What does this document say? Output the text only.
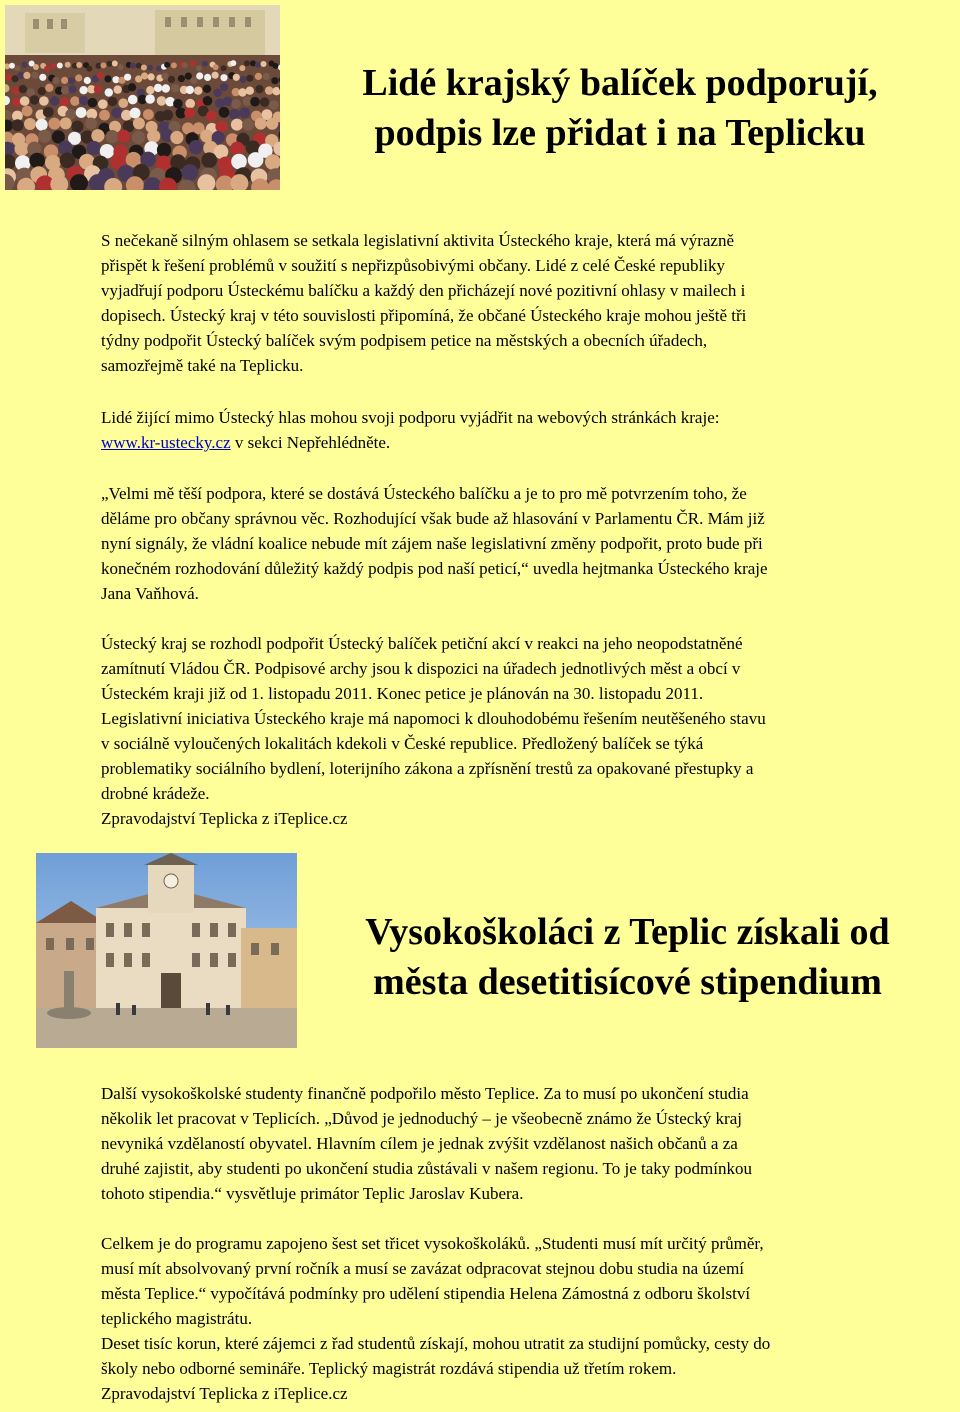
Lidé krajský balíček podporují,
podpis lze přidat i na Teplicku

S nečekaně silným ohlasem se setkala legislativní aktivita Ústeckého kraje, která má výrazně
přispět k řešení problémů v soužití s nepřizpůsobivými občany. Lidé z celé České republiky
vyjadřují podporu Ústeckému balíčku a každý den přicházejí nové pozitivní ohlasy v mailech i
dopisech. Ústecký kraj v této souvislosti připomíná, že občané Ústeckého kraje mohou ještě tři
týdny podpořit Ústecký balíček svým podpisem petice na městských a obecních úřadech,
samozřejmě také na Teplicku.

Lidé žijící mimo Ústecký hlas mohou svoji podporu vyjádřit na webových stránkách kraje:
www.kr-ustecky.cz v sekci Nepřehlédněte.

„Velmi mě těší podpora, které se dostává Ústeckého balíčku a je to pro mě potvrzením toho, že
děláme pro občany správnou věc. Rozhodující však bude až hlasování v Parlamentu ČR. Mám již
nyní signály, že vládní koalice nebude mít zájem naše legislativní změny podpořit, proto bude při
konečném rozhodování důležitý každý podpis pod naší peticí,“ uvedla hejtmanka Ústeckého kraje
Jana Vaňhová.

Ústecký kraj se rozhodl podpořit Ústecký balíček petiční akcí v reakci na jeho neopodstatněné
zamítnutí Vládou ČR. Podpisové archy jsou k dispozici na úřadech jednotlivých měst a obcí v
Ústeckém kraji již od 1. listopadu 2011. Konec petice je plánován na 30. listopadu 2011.
Legislativní iniciativa Ústeckého kraje má napomoci k dlouhodobému řešením neutěšeného stavu
v sociálně vyloučených lokalitách kdekoli v České republice. Předložený balíček se týká
problematiky sociálního bydlení, loterijního zákona a zpřísnění trestů za opakované přestupky a
drobné krádeže.
Zpravodajství Teplicka z iTeplice.cz

Vysokoškoláci z Teplic získali od
města desetitisícové stipendium

Další vysokoškolské studenty finančně podpořilo město Teplice. Za to musí po ukončení studia
několik let pracovat v Teplicích. „Důvod je jednoduchý – je všeobecně známo že Ústecký kraj
nevyniká vzdělaností obyvatel. Hlavním cílem je jednak zvýšit vzdělanost našich občanů a za
druhé zajistit, aby studenti po ukončení studia zůstávali v našem regionu. To je taky podmínkou
tohoto stipendia.“ vysvětluje primátor Teplic Jaroslav Kubera.

Celkem je do programu zapojeno šest set třicet vysokoškoláků. „Studenti musí mít určitý průměr,
musí mít absolvovaný první ročník a musí se zavázat odpracovat stejnou dobu studia na území
města Teplice.“ vypočítává podmínky pro udělení stipendia Helena Zámostná z odboru školství
teplického magistrátu.
Deset tisíc korun, které zájemci z řad studentů získají, mohou utratit za studijní pomůcky, cesty do
školy nebo odborné semináře. Teplický magistrát rozdává stipendia už třetím rokem.
Zpravodajství Teplicka z iTeplice.cz
